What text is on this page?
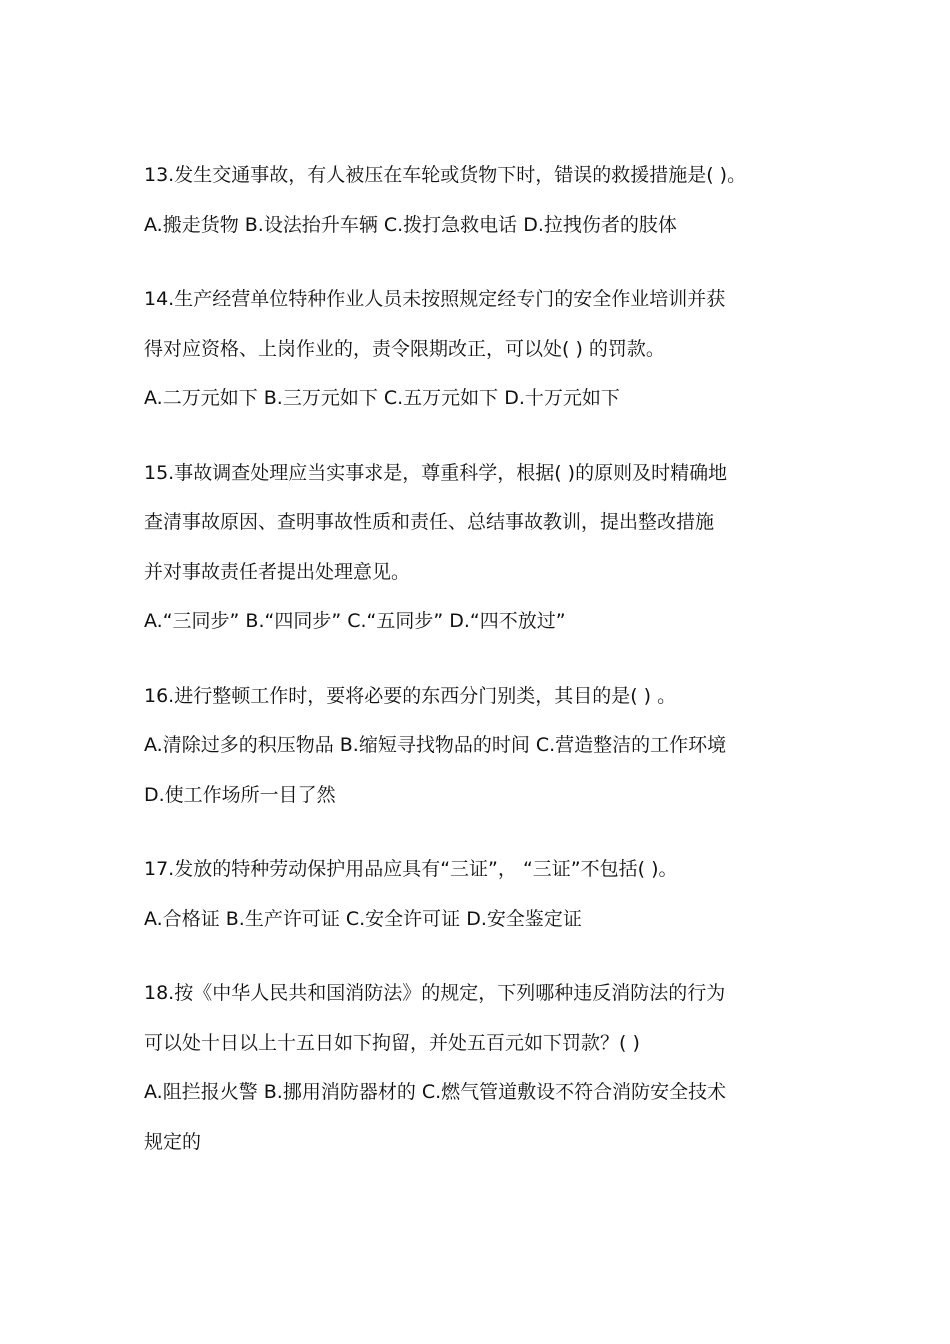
13.发生交通事故，有人被压在车轮或货物下时，错误的救援措施是( )。
A.搬走货物 B.设法抬升车辆 C.拨打急救电话 D.拉拽伤者的肢体
14.生产经营单位特种作业人员未按照规定经专门的安全作业培训并获
得对应资格、上岗作业的，责令限期改正，可以处( ) 的罚款。
A.二万元如下 B.三万元如下 C.五万元如下 D.十万元如下
15.事故调查处理应当实事求是，尊重科学，根据( )的原则及时精确地
查清事故原因、查明事故性质和责任、总结事故教训，提出整改措施
并对事故责任者提出处理意见。
A.“三同步” B.“四同步” C.“五同步” D.“四不放过”
16.进行整顿工作时，要将必要的东西分门别类，其目的是( ) 。
A.清除过多的积压物品 B.缩短寻找物品的时间 C.营造整洁的工作环境
D.使工作场所一目了然
17.发放的特种劳动保护用品应具有“三证”， “三证”不包括( )。
A.合格证 B.生产许可证 C.安全许可证 D.安全鉴定证
18.按《中华人民共和国消防法》的规定，下列哪种违反消防法的行为
可以处十日以上十五日如下拘留，并处五百元如下罚款？( )
A.阻拦报火警 B.挪用消防器材的 C.燃气管道敷设不符合消防安全技术
规定的
